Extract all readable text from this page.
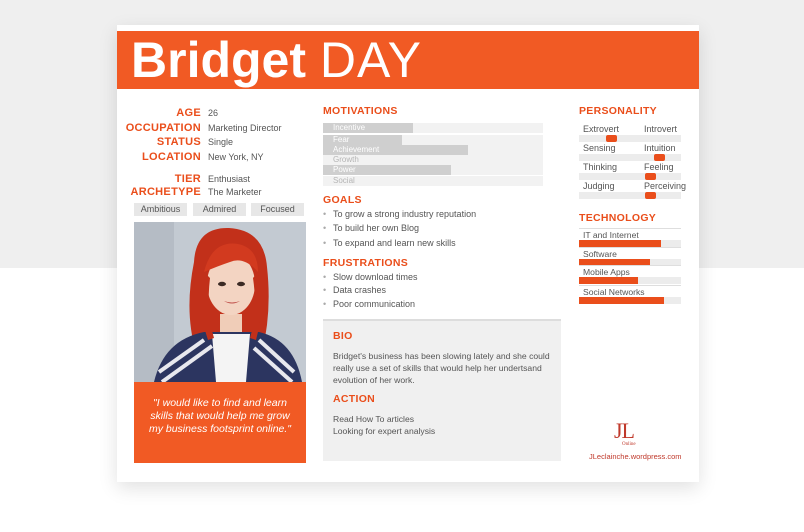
Bridget DAY
AGE 26
OCCUPATION Marketing Director
STATUS Single
LOCATION New York, NY
TIER Enthusiast
ARCHETYPE The Marketer
Ambitious	Admired	Focused
"I would like to find and learn skills that would help me grow my business footsprint online."
MOTIVATIONS
Incentive
Fear
Achievement
Growth
Power
Social
GOALS
• To grow a strong industry reputation
• To build her own Blog
• To expand and learn new skills
FRUSTRATIONS
• Slow download times
• Data crashes
• Poor communication
BIO
Bridget's business has been slowing lately and she could really use a set of skills that would help her undertsand evolution of her work.
ACTION
Read How To articles
Looking for expert analysis
PERSONALITY
Extrovert	Introvert
Sensing	Intuition
Thinking	Feeling
Judging	Perceiving
TECHNOLOGY
IT and Internet
Software
Mobile Apps
Social Networks
JL
Online
JLeclainche.wordpress.com
